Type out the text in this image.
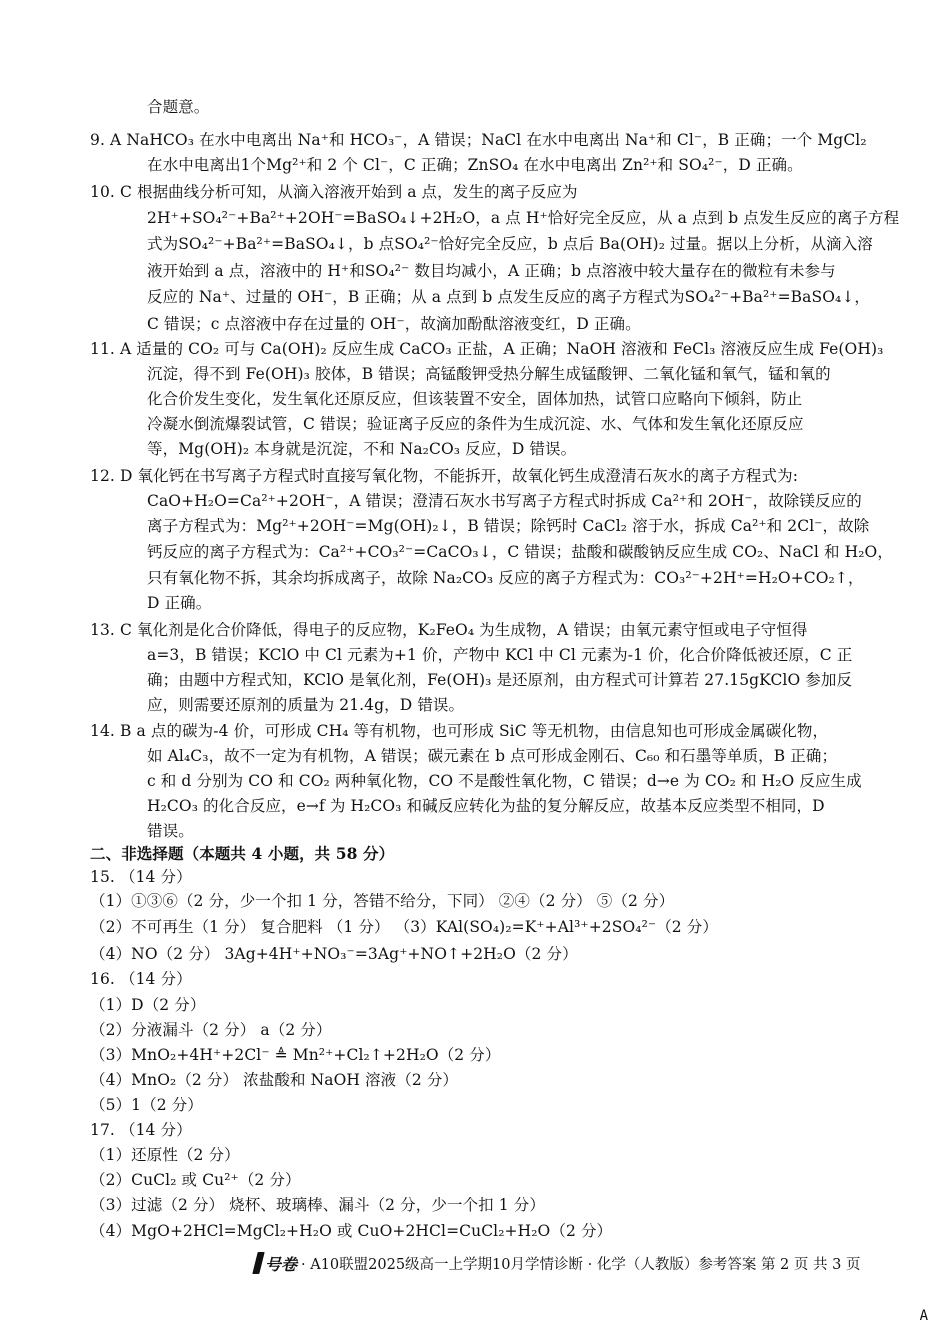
合题意。
9. A NaHCO₃ 在水中电离出 Na⁺和 HCO₃⁻，A 错误；NaCl 在水中电离出 Na⁺和 Cl⁻，B 正确；一个 MgCl₂
在水中电离出1个Mg²⁺和 2 个 Cl⁻，C 正确；ZnSO₄ 在水中电离出 Zn²⁺和 SO₄²⁻，D 正确。
10. C 根据曲线分析可知，从滴入溶液开始到 a 点，发生的离子反应为
2H⁺+SO₄²⁻+Ba²⁺+2OH⁻=BaSO₄↓+2H₂O，a 点 H⁺恰好完全反应，从 a 点到 b 点发生反应的离子方程
式为SO₄²⁻+Ba²⁺=BaSO₄↓，b 点SO₄²⁻恰好完全反应，b 点后 Ba(OH)₂ 过量。据以上分析，从滴入溶
液开始到 a 点，溶液中的 H⁺和SO₄²⁻ 数目均减小，A 正确；b 点溶液中较大量存在的微粒有未参与
反应的 Na⁺、过量的 OH⁻，B 正确；从 a 点到 b 点发生反应的离子方程式为SO₄²⁻+Ba²⁺=BaSO₄↓，
C 错误；c 点溶液中存在过量的 OH⁻，故滴加酚酞溶液变红，D 正确。
11. A 适量的 CO₂ 可与 Ca(OH)₂ 反应生成 CaCO₃ 正盐，A 正确；NaOH 溶液和 FeCl₃ 溶液反应生成 Fe(OH)₃
沉淀，得不到 Fe(OH)₃ 胶体，B 错误；高锰酸钾受热分解生成锰酸钾、二氧化锰和氧气，锰和氧的
化合价发生变化，发生氧化还原反应，但该装置不安全，固体加热，试管口应略向下倾斜，防止
冷凝水倒流爆裂试管，C 错误；验证离子反应的条件为生成沉淀、水、气体和发生氧化还原反应
等，Mg(OH)₂ 本身就是沉淀，不和 Na₂CO₃ 反应，D 错误。
12. D 氧化钙在书写离子方程式时直接写氧化物，不能拆开，故氧化钙生成澄清石灰水的离子方程式为:
CaO+H₂O=Ca²⁺+2OH⁻，A 错误；澄清石灰水书写离子方程式时拆成 Ca²⁺和 2OH⁻，故除镁反应的
离子方程式为：Mg²⁺+2OH⁻=Mg(OH)₂↓，B 错误；除钙时 CaCl₂ 溶于水，拆成 Ca²⁺和 2Cl⁻，故除
钙反应的离子方程式为：Ca²⁺+CO₃²⁻=CaCO₃↓，C 错误；盐酸和碳酸钠反应生成 CO₂、NaCl 和 H₂O，
只有氧化物不拆，其余均拆成离子，故除 Na₂CO₃ 反应的离子方程式为：CO₃²⁻+2H⁺=H₂O+CO₂↑，
D 正确。
13. C 氧化剂是化合价降低，得电子的反应物，K₂FeO₄ 为生成物，A 错误；由氧元素守恒或电子守恒得
a=3，B 错误；KClO 中 Cl 元素为+1 价，产物中 KCl 中 Cl 元素为-1 价，化合价降低被还原，C 正
确；由题中方程式知，KClO 是氧化剂，Fe(OH)₃ 是还原剂，由方程式可计算若 27.15gKClO 参加反
应，则需要还原剂的质量为 21.4g，D 错误。
14. B a 点的碳为-4 价，可形成 CH₄ 等有机物，也可形成 SiC 等无机物，由信息知也可形成金属碳化物，
如 Al₄C₃，故不一定为有机物，A 错误；碳元素在 b 点可形成金刚石、C₆₀ 和石墨等单质，B 正确；
c 和 d 分别为 CO 和 CO₂ 两种氧化物，CO 不是酸性氧化物，C 错误；d→e 为 CO₂ 和 H₂O 反应生成
H₂CO₃ 的化合反应，e→f 为 H₂CO₃ 和碱反应转化为盐的复分解反应，故基本反应类型不相同，D
错误。
二、非选择题（本题共 4 小题，共 58 分）
15. （14 分）
（1）①③⑥（2 分，少一个扣 1 分，答错不给分，下同） ②④（2 分） ⑤（2 分）
（2）不可再生（1 分） 复合肥料 （1 分） （3）KAl(SO₄)₂=K⁺+Al³⁺+2SO₄²⁻（2 分）
（4）NO（2 分） 3Ag+4H⁺+NO₃⁻=3Ag⁺+NO↑+2H₂O（2 分）
16. （14 分）
（1）D（2 分）
（2）分液漏斗（2 分） a（2 分）
（3）MnO₂+4H⁺+2Cl⁻ ≜ Mn²⁺+Cl₂↑+2H₂O（2 分）
（4）MnO₂（2 分） 浓盐酸和 NaOH 溶液（2 分）
（5）1（2 分）
17. （14 分）
（1）还原性（2 分）
（2）CuCl₂ 或 Cu²⁺（2 分）
（3）过滤（2 分） 烧杯、玻璃棒、漏斗（2 分，少一个扣 1 分）
（4）MgO+2HCl=MgCl₂+H₂O 或 CuO+2HCl=CuCl₂+H₂O（2 分）
号卷 · A10联盟2025级高一上学期10月学情诊断 · 化学（人教版）参考答案 第 2 页 共 3 页
A
